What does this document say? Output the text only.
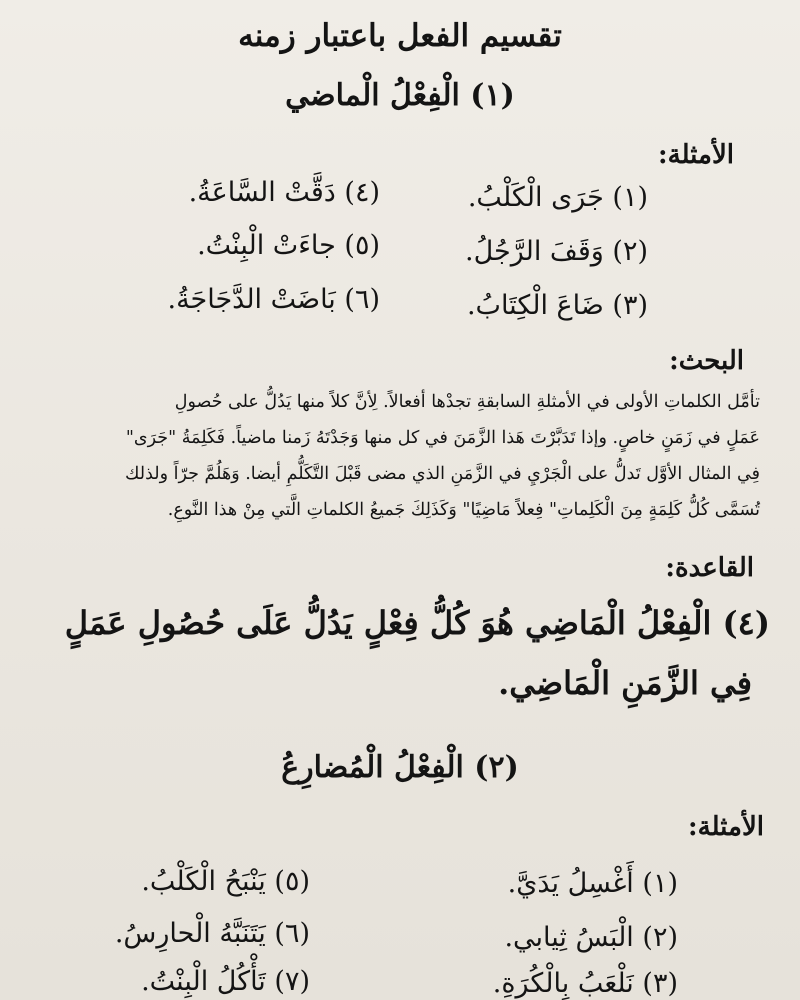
تقسيم الفعل باعتبار زمنه
(١) الْفِعْلُ الْماضي
الأمثلة:
(١) جَرَى الْكَلْبُ.
(٤) دَقَّتْ السَّاعَةُ.
(٢) وَقَفَ الرَّجُلُ.
(٥) جاءَتْ الْبِنْتُ.
(٣) ضَاعَ الْكِتَابُ.
(٦) بَاضَتْ الدَّجَاجَةُ.
البحث:
تأمَّل الكلماتِ الأولى في الأمثلةِ السابقةِ تجدْها أفعالاً. لِأنَّ كلاً منها يَدُلُّ على حُصولِ
عَمَلٍ في زَمَنٍ خاصٍ. وإذا تَدَبَّرْتَ هَذا الزَّمَنَ في كل منها وَجَدْتَهُ زَمنا ماضياً. فَكَلِمَةُ "جَرَى"
فِي المثال الأوَّل تَدلُّ على الْجَرْيِ في الزَّمَنِ الذي مضى قَبْلَ التَّكَلُّمِ أيضا. وَهَلُمَّ جرّاً ولذلك
تُسَمَّى كُلُّ كَلِمَةٍ مِنَ الْكَلِماتِ" فِعلاً مَاضِيًا" وَكَذَلِكَ جَميعُ الكلماتِ الَّتي مِنْ هذا النَّوعِ.
القاعدة:
(٤) الْفِعْلُ الْمَاضِي هُوَ كُلُّ فِعْلٍ يَدُلُّ عَلَى حُصُولِ عَمَلٍ
فِي الزَّمَنِ الْمَاضِي.
(٢) الْفِعْلُ الْمُضارِعُ
الأمثلة:
(١) أَغْسِلُ يَدَيَّ.
(٥) يَنْبَحُ الْكَلْبُ.
(٢) الْبَسُ ثِيابي.
(٦) يَتَنَبَّهُ الْحارِسُ.
(٣) نَلْعَبُ بِالْكُرَةِ.
(٧) تَأْكُلُ الْبِنْتُ.
